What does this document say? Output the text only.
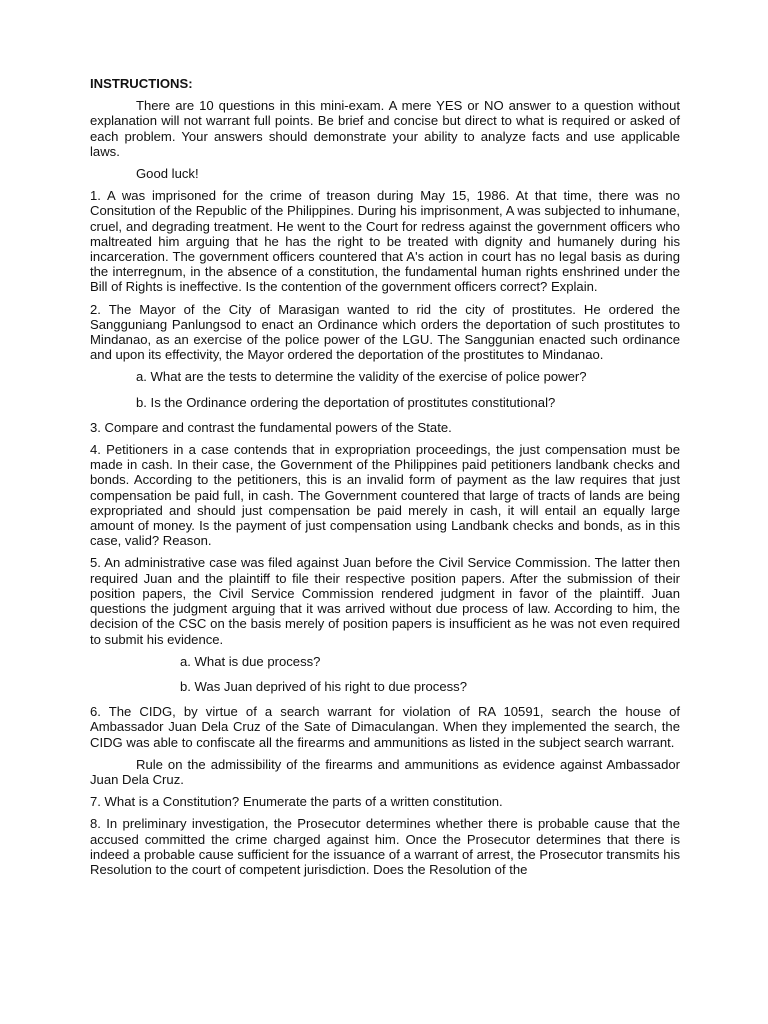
INSTRUCTIONS:

There are 10 questions in this mini-exam. A mere YES or NO answer to a question without explanation will not warrant full points. Be brief and concise but direct to what is required or asked of each problem. Your answers should demonstrate your ability to analyze facts and use applicable laws.

Good luck!

1. A was imprisoned for the crime of treason during May 15, 1986. At that time, there was no Consitution of the Republic of the Philippines. During his imprisonment, A was subjected to inhumane, cruel, and degrading treatment. He went to the Court for redress against the government officers who maltreated him arguing that he has the right to be treated with dignity and humanely during his incarceration. The government officers countered that A's action in court has no legal basis as during the interregnum, in the absence of a constitution, the fundamental human rights enshrined under the Bill of Rights is ineffective. Is the contention of the government officers correct? Explain.

2. The Mayor of the City of Marasigan wanted to rid the city of prostitutes. He ordered the Sangguniang Panlungsod to enact an Ordinance which orders the deportation of such prostitutes to Mindanao, as an exercise of the police power of the LGU. The Sanggunian enacted such ordinance and upon its effectivity, the Mayor ordered the deportation of the prostitutes to Mindanao.

a. What are the tests to determine the validity of the exercise of police power?

b. Is the Ordinance ordering the deportation of prostitutes constitutional?

3. Compare and contrast the fundamental powers of the State.

4. Petitioners in a case contends that in expropriation proceedings, the just compensation must be made in cash. In their case, the Government of the Philippines paid petitioners landbank checks and bonds. According to the petitioners, this is an invalid form of payment as the law requires that just compensation be paid full, in cash. The Government countered that large of tracts of lands are being expropriated and should just compensation be paid merely in cash, it will entail an equally large amount of money. Is the payment of just compensation using Landbank checks and bonds, as in this case, valid? Reason.

5. An administrative case was filed against Juan before the Civil Service Commission. The latter then required Juan and the plaintiff to file their respective position papers. After the submission of their position papers, the Civil Service Commission rendered judgment in favor of the plaintiff. Juan questions the judgment arguing that it was arrived without due process of law. According to him, the decision of the CSC on the basis merely of position papers is insufficient as he was not even required to submit his evidence.

a. What is due process?

b. Was Juan deprived of his right to due process?

6. The CIDG, by virtue of a search warrant for violation of RA 10591, search the house of Ambassador Juan Dela Cruz of the Sate of Dimaculangan. When they implemented the search, the CIDG was able to confiscate all the firearms and ammunitions as listed in the subject search warrant.

Rule on the admissibility of the firearms and ammunitions as evidence against Ambassador Juan Dela Cruz.

7. What is a Constitution? Enumerate the parts of a written constitution.

8. In preliminary investigation, the Prosecutor determines whether there is probable cause that the accused committed the crime charged against him. Once the Prosecutor determines that there is indeed a probable cause sufficient for the issuance of a warrant of arrest, the Prosecutor transmits his Resolution to the court of competent jurisdiction. Does the Resolution of the
